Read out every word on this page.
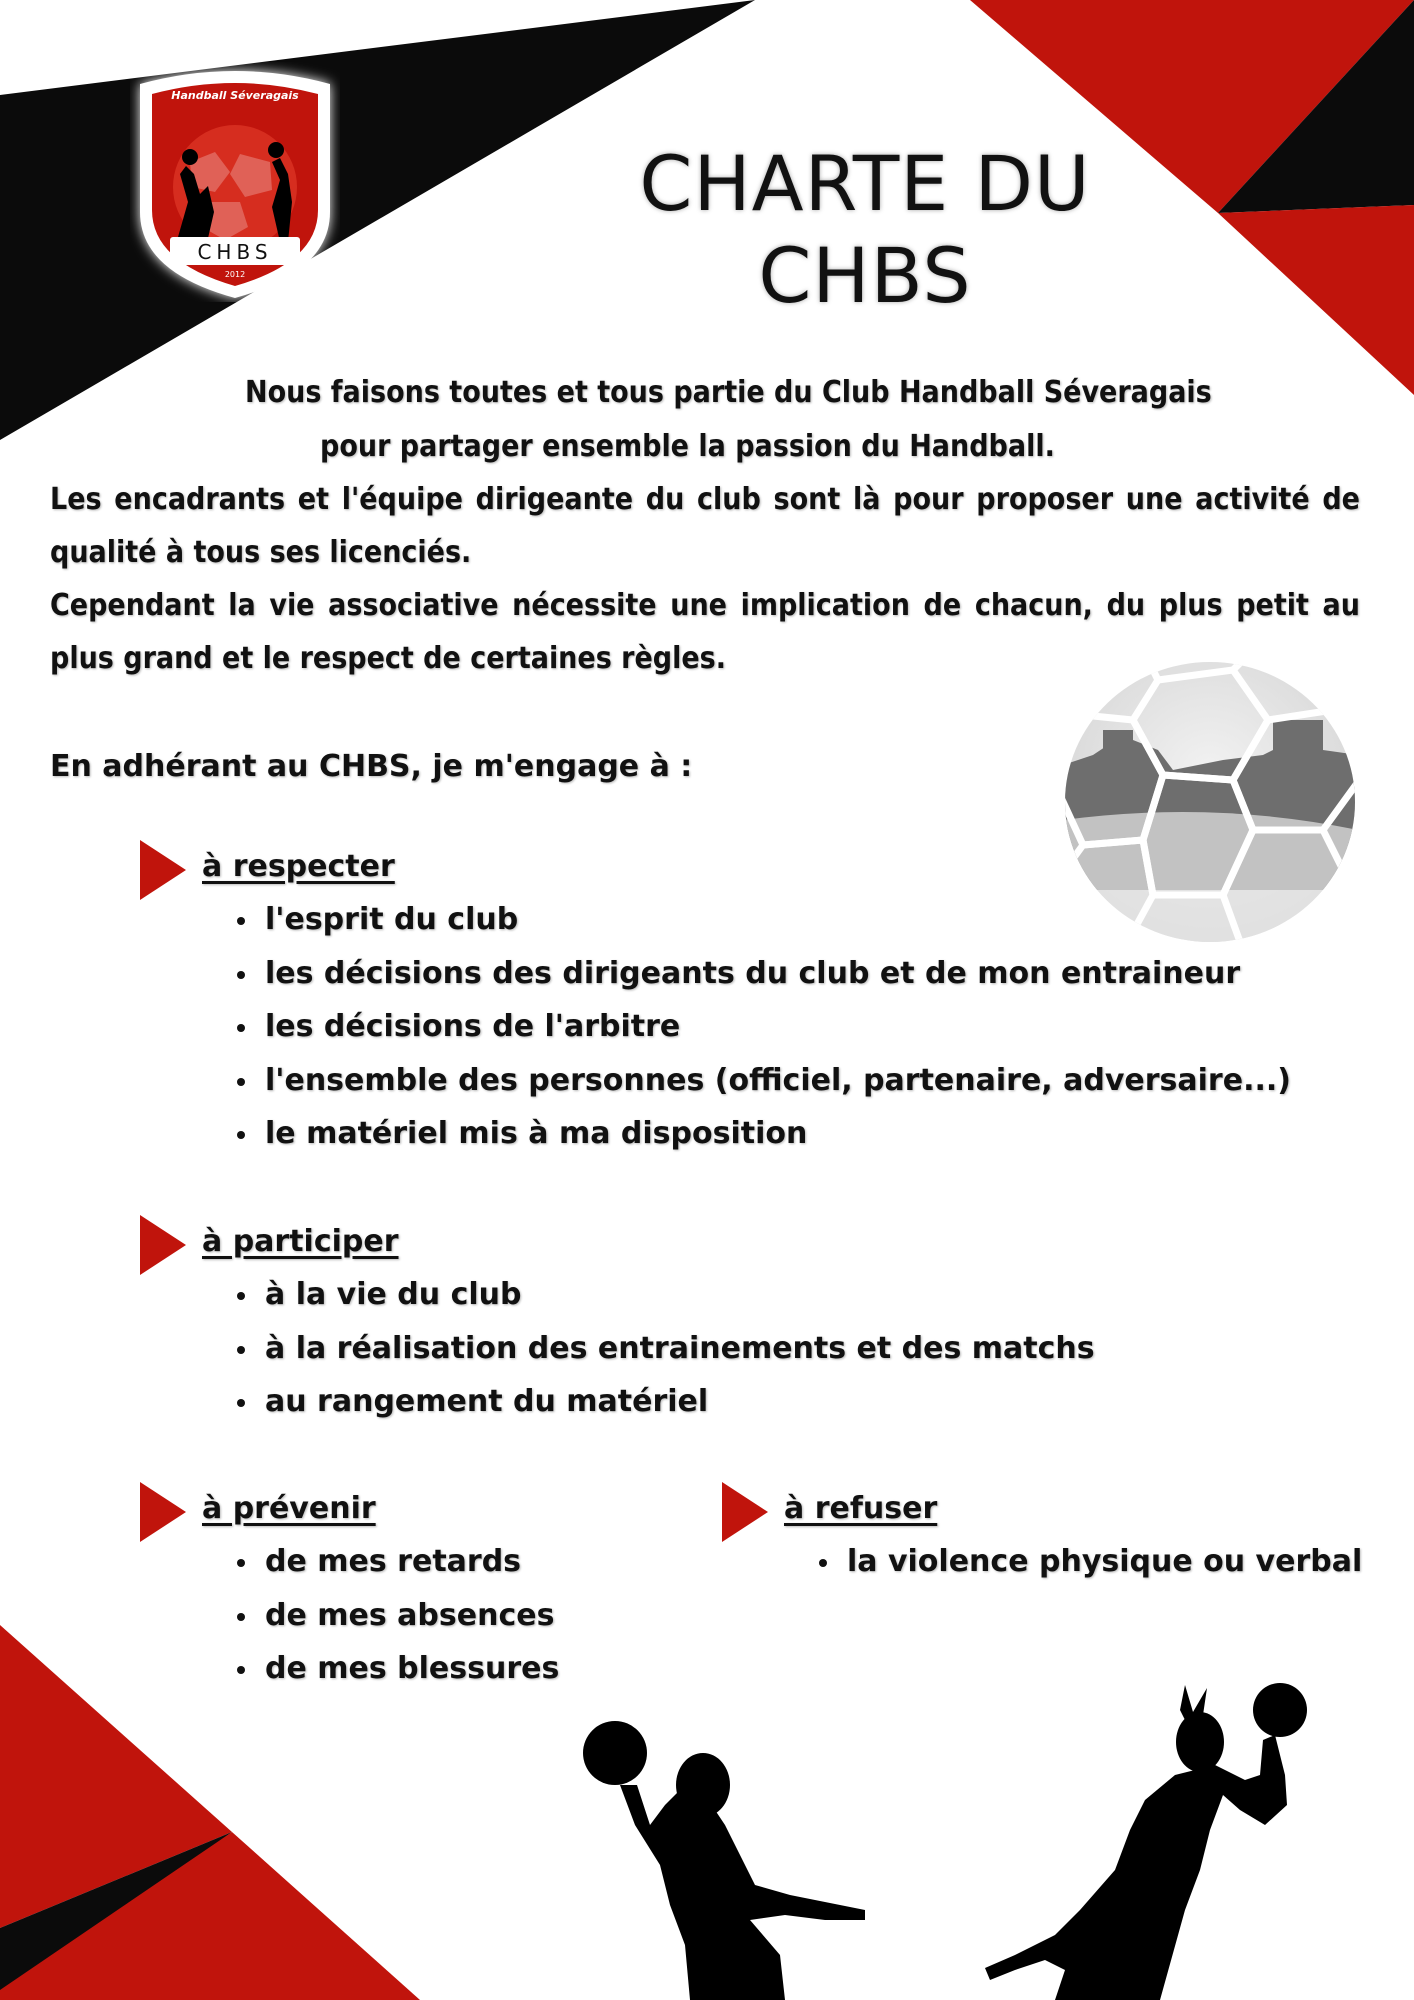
Handball Séveragais
CHBS
2012
CHARTE DU
CHBS
Nous faisons toutes et tous partie du Club Handball Séveragais
pour partager ensemble la passion du Handball.

Les encadrants et l'équipe dirigeante du club sont là pour proposer une activité de qualité à tous ses licenciés.

Cependant la vie associative nécessite une implication de chacun, du plus petit au plus grand et le respect de certaines règles.

En adhérant au CHBS, je m'engage à :
à respecter
l'esprit du club
les décisions des dirigeants du club et de mon entraineur
les décisions de l'arbitre
l'ensemble des personnes (officiel, partenaire, adversaire...)
le matériel mis à ma disposition
à participer
à la vie du club
à la réalisation des entrainements et des matchs
au rangement du matériel
à prévenir
de mes retards
de mes absences
de mes blessures
à refuser
la violence physique ou verbal
